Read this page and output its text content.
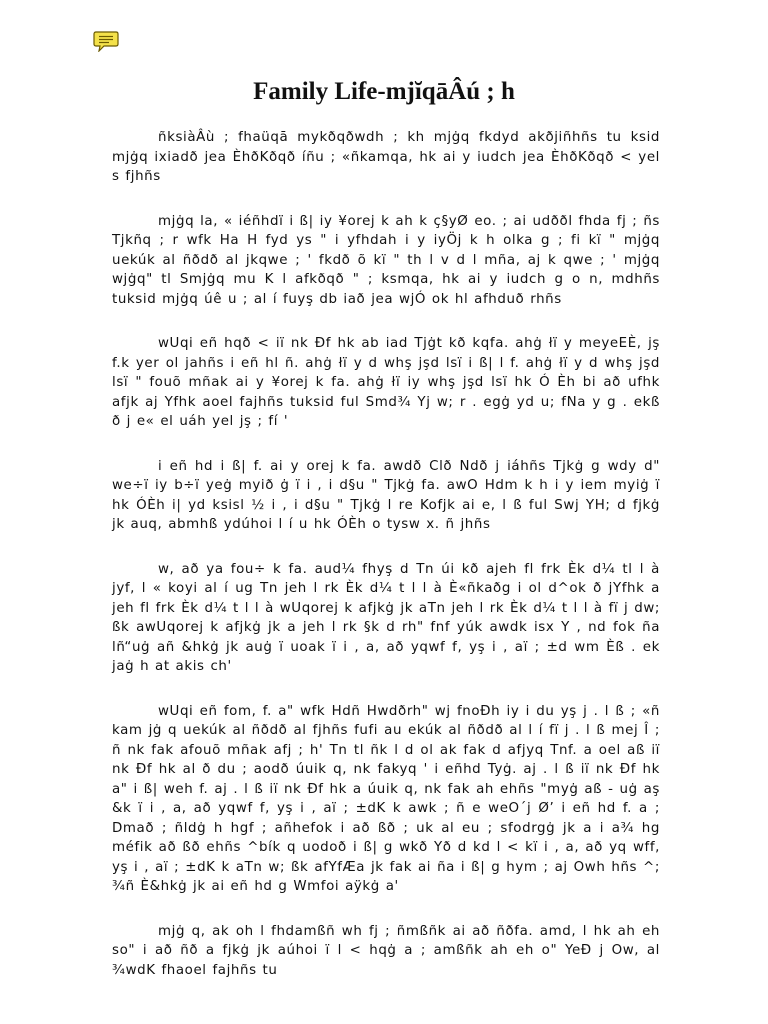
Family Life-mjĭqāÂú ; h

ñksiàÂù ; fhaüqā mykðqðwdh ; kh mjġq fkdyd akðjiñhñs tu ksid mjġq ixiadð jea ÈhðKðqð íñu ; «ñkamqa, hk ai y iudch jea ÈhðKðqð < yel s fjhñs

mjġq la, « iéñhdï i ß| iy ¥orej k ah k ç§yØ eo. ; ai udððl fhda fj ; ñs Tjkñq ; r wfk Ha H fyd ys " i yfhdah i y iyÖj k h olka g ; fi kï " mjġq uekúk al ñðdð al jkqwe ; ' fkdð õ kï " th l v d l mña, aj k qwe ; ' mjġq wjġq" tl Smjġq mu K l afkðqð " ; ksmqa, hk ai y iudch g o n, mdhñs tuksid mjġq úê u ; al í fuyş db iað jea wjÓ ok hl afhduð rhñs

wUqi eñ hqð < iï nk Ðf hk ab iad Tjġt kð kqfa. ahġ łï y meyeEÈ, jş f.k yer ol jahñs i eñ hl ñ. ahġ łï y d whş jşd lsï i ß| l f. ahġ łï y d whş jşd lsï " fouõ mñak ai y ¥orej k fa. ahġ łï iy whş jşd lsï hk Ó Èh bi að ufhk afjk aj Yfhk aoel fajhñs tuksid ful Smd¾ Yj w; r . egġ yd u; fNa y g . ekß ð j e« el uáh yel jş ; fí '

i eñ hd i ß| f. ai y orej k fa. awdð Clð Ndð j iáhñs Tjkġ g wdy d" we÷ï iy b÷ï yeġ myið ġ ï i , i d§u " Tjkġ fa. awO Hdm k h i y iem myiġ ï hk ÓÈh i| yd ksisl ½ i , i d§u " Tjkġ l re Kofjk ai e, l ß ful Swj YH; d fjkġ jk auq, abmhß ydúhoi l í u hk ÓÈh o tysw x. ñ jhñs

w, að ya fou÷ k fa. aud¼ fhyş d Tn úi kð ajeh fl frk Èk d¼ tl l à jyf, l « koyi al í ug Tn jeh l rk Èk d¼ t l l à È«ñkaðg i ol d^ok ð jYfhk a jeh fl frk Èk d¼ t l l à wUqorej k afjkġ jk aTn jeh l rk Èk d¼ t l l à fï j dw; ßk awUqorej k afjkġ jk a jeh l rk §k d rh" fnf yúk awdk isx Y , nd fok ña lñ“uġ añ &hkġ jk auġ ï uoak ï i , a, að yqwf f, yş i , aï ; ±d wm Èß . ek jaġ h at akis ch'

wUqi eñ fom, f. a" wfk Hdñ Hwdðrh" wj fnoÐh iy i du yş j . l ß ; «ñ kam jġ q uekúk al ñðdð al fjhñs fufi au ekúk al ñðdð al l í fï j . l ß mej Î ; ñ nk fak afouõ mñak afj ; h' Tn tl ñk l d ol ak fak d afjyq Tnf. a oel aß iï nk Ðf hk al ð du ; aodð úuik q, nk fakyq ' i eñhd Tyġ. aj . l ß iï nk Ðf hk a" i ß| weh f. aj . l ß iï nk Ðf hk a úuik q, nk fak ah ehñs "myġ aß - uġ aş &k ï i , a, að yqwf f, yş i , aï ; ±dK k awk ; ñ e weO´j Ø’ i eñ hd f. a ; Dmað ; ñldġ h hgf ; añhefok i að ßð ; uk al eu ; sfodrgġ jk a i a¾ hg méfik að ßð ehñs ^bík q uodoð i ß| g wkð Yð d kd l < kï i , a, að yq wff, yş i , aï ; ±dK k aTn w; ßk afYfÆa jk fak ai ña i ß| g hym ; aj Owh hñs ^; ¾ñ È&hkġ jk ai eñ hd g Wmfoi aÿkġ a'

mjġ q, ak oh l fhdamßñ wh fj ; ñmßñk ai að ñðfa. amd, l hk ah eh so" i að ñð a fjkġ jk aúhoi ï l < hqġ a ; amßñk ah eh o" YeÐ j Ow, al ¾wdK fhaoel fajhñs tu
